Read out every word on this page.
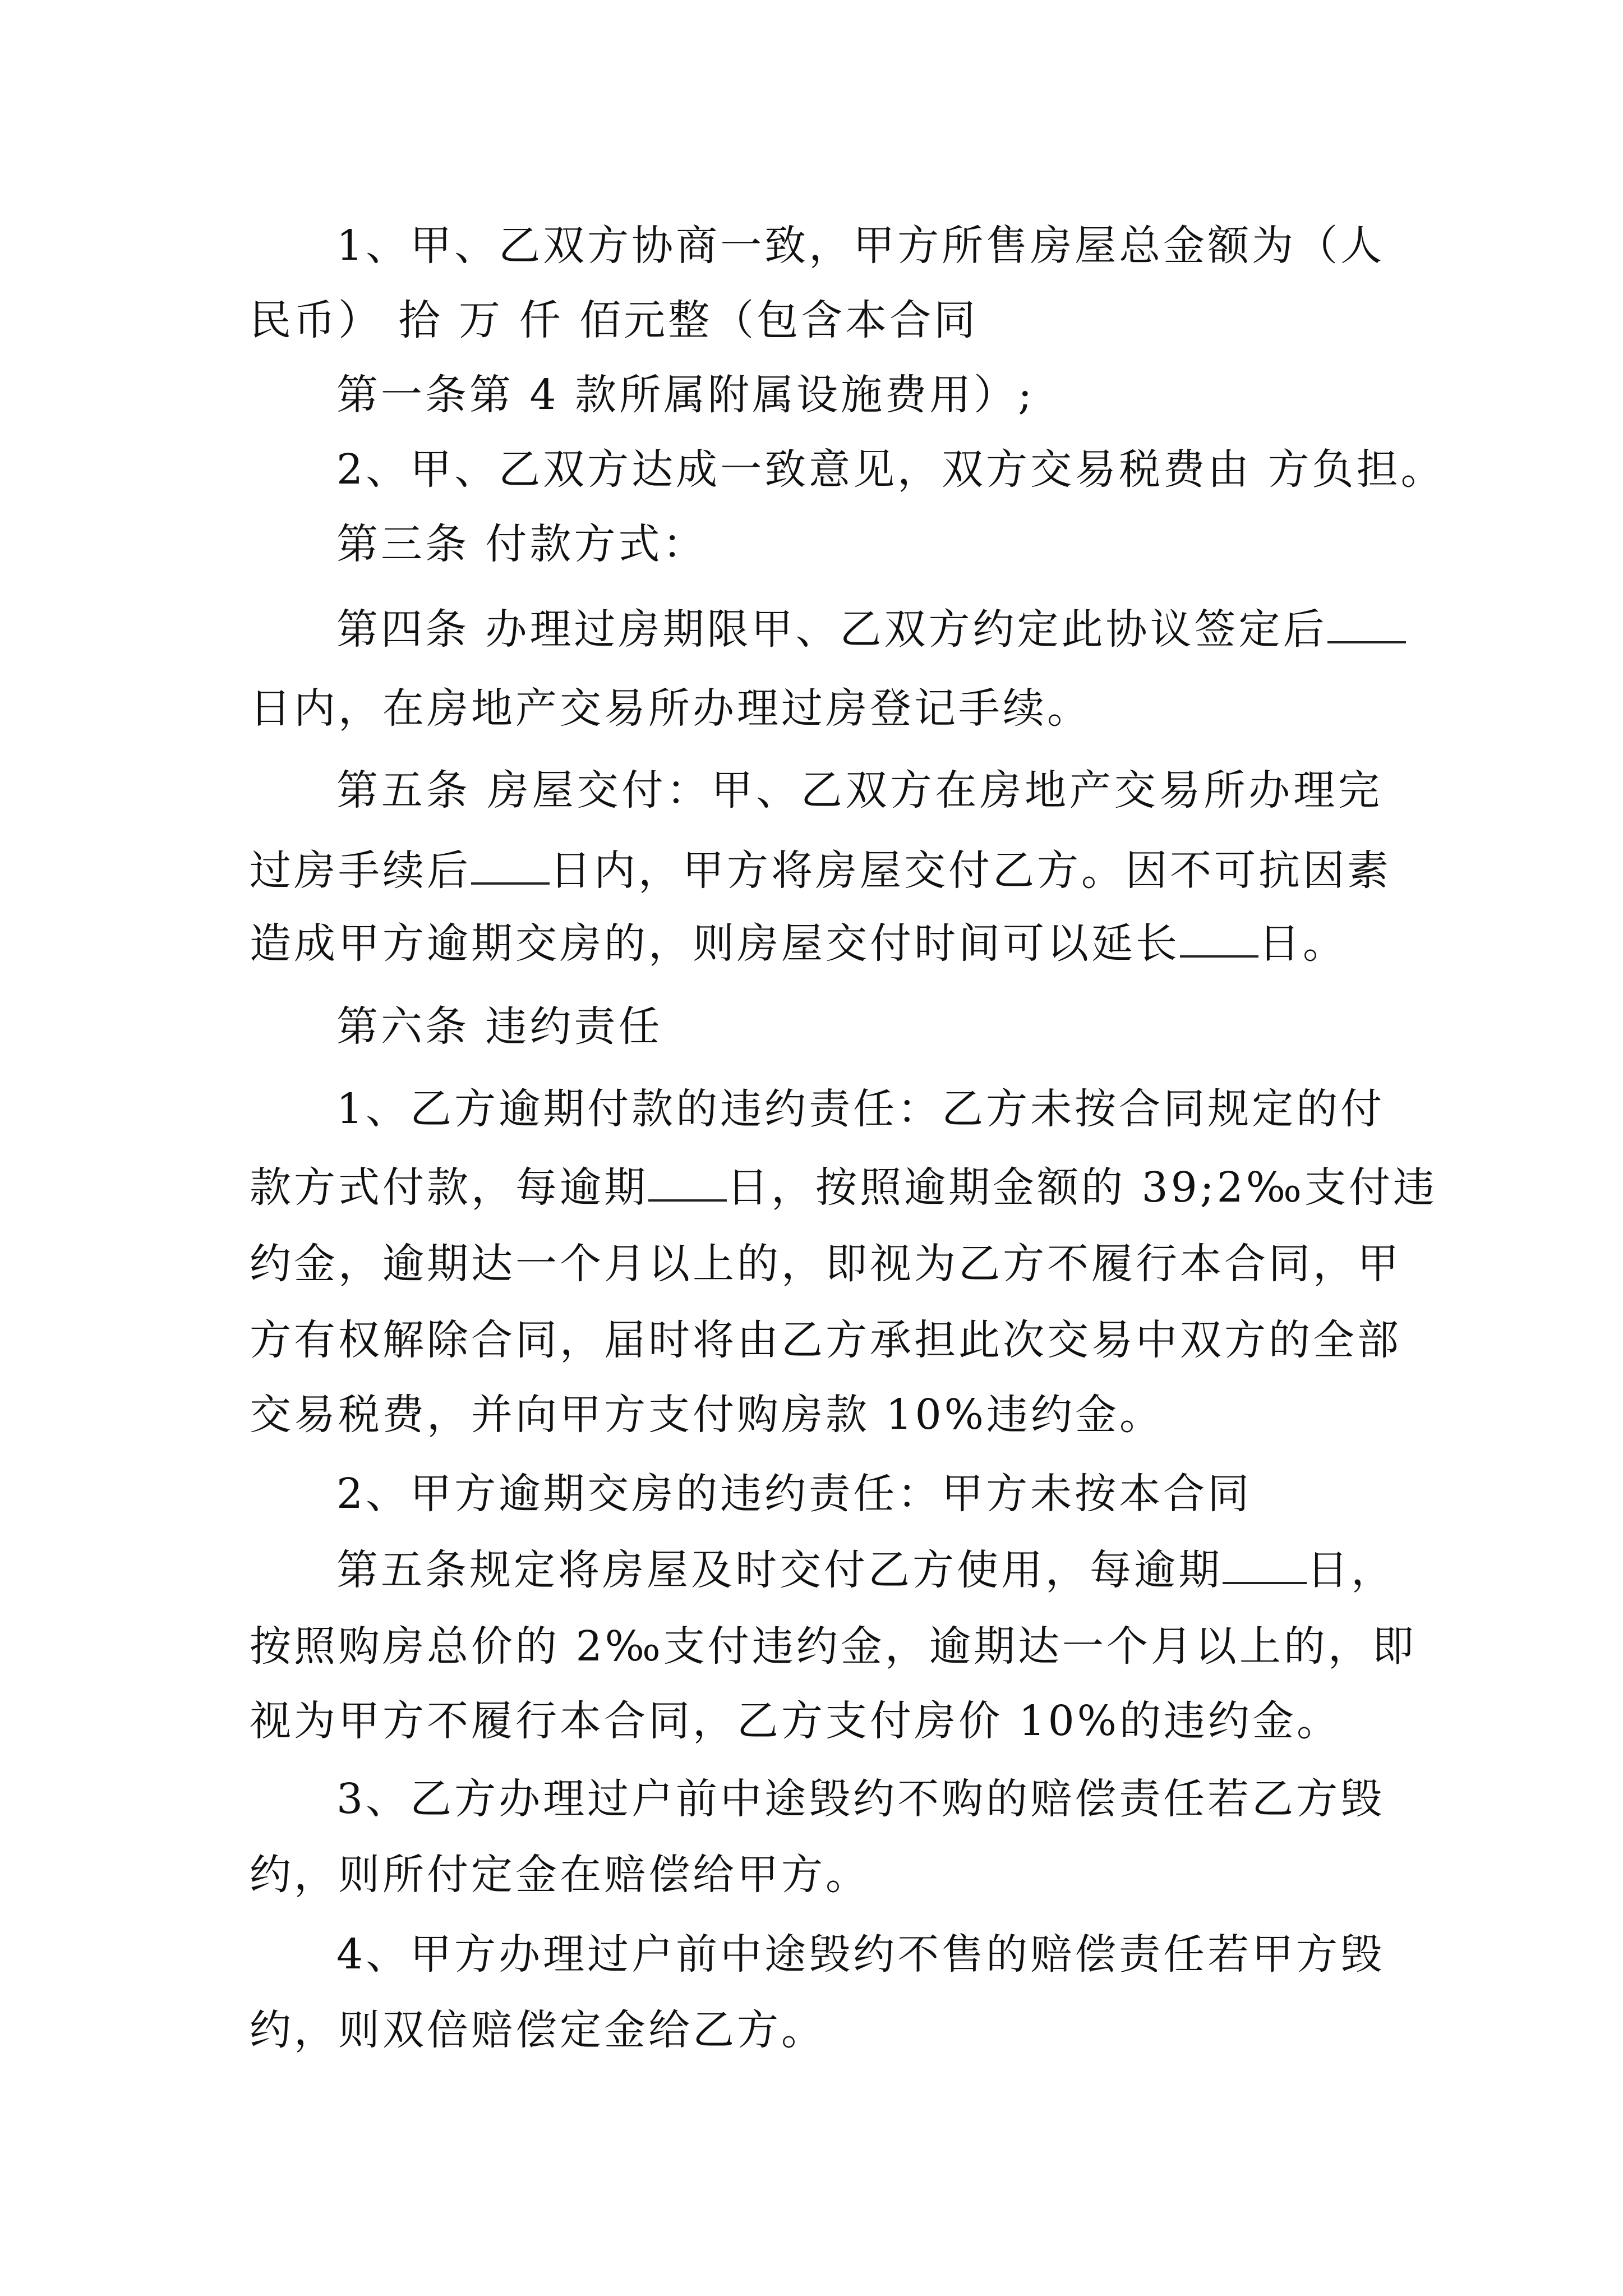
1、甲、乙双方协商一致，甲方所售房屋总金额为（人
民币） 拾 万 仟 佰元整（包含本合同
第一条第 4 款所属附属设施费用）;
2、甲、乙双方达成一致意见，双方交易税费由 方负担。
第三条 付款方式：
第四条 办理过房期限甲、乙双方约定此协议签定后
日内，在房地产交易所办理过房登记手续。
第五条 房屋交付：甲、乙双方在房地产交易所办理完
过房手续后 日内，甲方将房屋交付乙方。因不可抗因素
造成甲方逾期交房的，则房屋交付时间可以延长 日。
第六条 违约责任
1、乙方逾期付款的违约责任：乙方未按合同规定的付
款方式付款，每逾期 日，按照逾期金额的 39;2‰支付违
约金，逾期达一个月以上的，即视为乙方不履行本合同，甲
方有权解除合同，届时将由乙方承担此次交易中双方的全部
交易税费，并向甲方支付购房款 10%违约金。
2、甲方逾期交房的违约责任：甲方未按本合同
第五条规定将房屋及时交付乙方使用，每逾期 日，
按照购房总价的 2‰支付违约金，逾期达一个月以上的，即
视为甲方不履行本合同，乙方支付房价 10%的违约金。
3、乙方办理过户前中途毁约不购的赔偿责任若乙方毁
约，则所付定金在赔偿给甲方。
4、甲方办理过户前中途毁约不售的赔偿责任若甲方毁
约，则双倍赔偿定金给乙方。
